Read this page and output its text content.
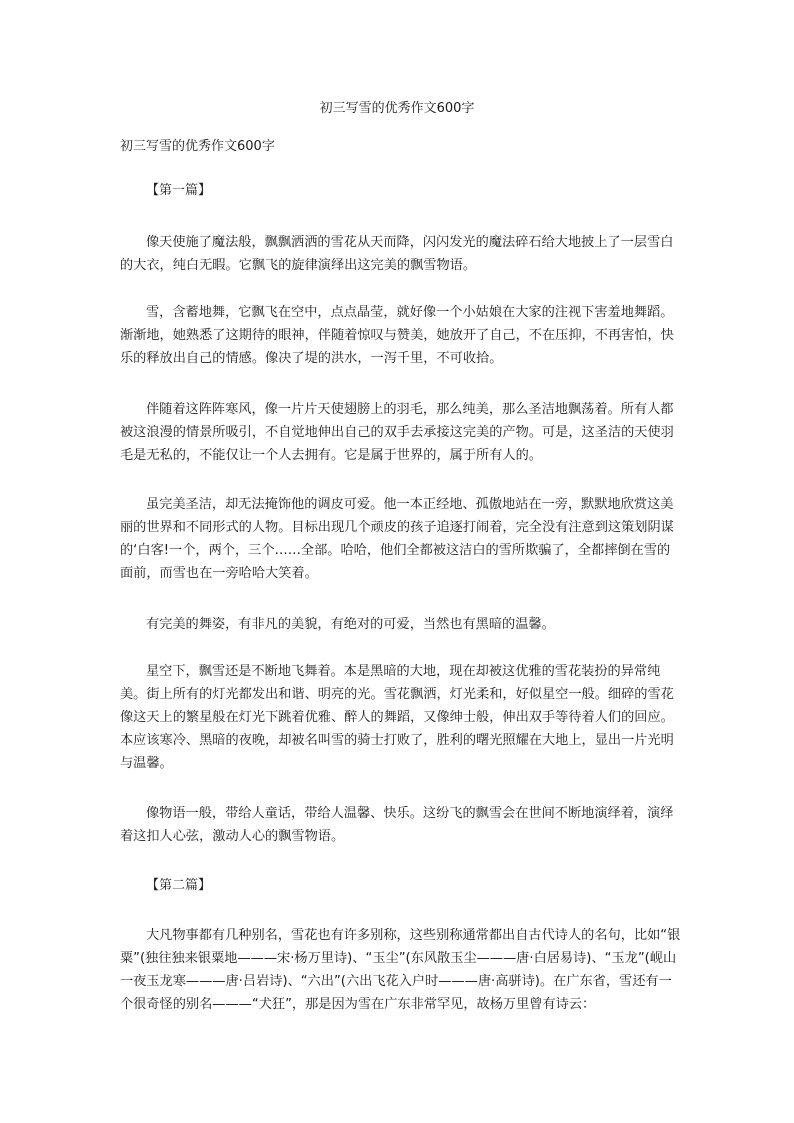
初三写雪的优秀作文600字
初三写雪的优秀作文600字
【第一篇】

像天使施了魔法般，飘飘洒洒的雪花从天而降，闪闪发光的魔法碎石给大地披上了一层雪白的大衣，纯白无暇。它飘飞的旋律演绎出这完美的飘雪物语。

雪，含蓄地舞，它飘飞在空中，点点晶莹，就好像一个小姑娘在大家的注视下害羞地舞蹈。渐渐地，她熟悉了这期待的眼神，伴随着惊叹与赞美，她放开了自己，不在压抑，不再害怕，快乐的释放出自己的情感。像决了堤的洪水，一泻千里，不可收拾。

伴随着这阵阵寒风，像一片片天使翅膀上的羽毛，那么纯美，那么圣洁地飘荡着。所有人都被这浪漫的情景所吸引，不自觉地伸出自己的双手去承接这完美的产物。可是，这圣洁的天使羽毛是无私的，不能仅让一个人去拥有。它是属于世界的，属于所有人的。

虽完美圣洁，却无法掩饰他的调皮可爱。他一本正经地、孤傲地站在一旁，默默地欣赏这美丽的世界和不同形式的人物。目标出现几个顽皮的孩子追逐打闹着，完全没有注意到这策划阴谋的‘白客!一个，两个，三个……全部。哈哈，他们全都被这洁白的雪所欺骗了，全都摔倒在雪的面前，而雪也在一旁哈哈大笑着。

有完美的舞姿，有非凡的美貌，有绝对的可爱，当然也有黑暗的温馨。

星空下，飘雪还是不断地飞舞着。本是黑暗的大地，现在却被这优雅的雪花装扮的异常纯美。街上所有的灯光都发出和谐、明亮的光。雪花飘洒，灯光柔和，好似星空一般。细碎的雪花像这天上的繁星般在灯光下跳着优雅、醉人的舞蹈，又像绅士般，伸出双手等待着人们的回应。本应该寒冷、黑暗的夜晚，却被名叫雪的骑士打败了，胜利的曙光照耀在大地上，显出一片光明与温馨。

像物语一般，带给人童话，带给人温馨、快乐。这纷飞的飘雪会在世间不断地演绎着，演绎着这扣人心弦，激动人心的飘雪物语。

【第二篇】

大凡物事都有几种别名，雪花也有许多别称，这些别称通常都出自古代诗人的名句，比如“银粟”(独往独来银粟地———宋·杨万里诗)、“玉尘”(东风散玉尘———唐·白居易诗)、“玉龙”(岘山一夜玉龙寒———唐·吕岩诗)、“六出”(六出飞花入户时———唐·高骈诗)。在广东省，雪还有一个很奇怪的别名———“犬狂”，那是因为雪在广东非常罕见，故杨万里曾有诗云：
